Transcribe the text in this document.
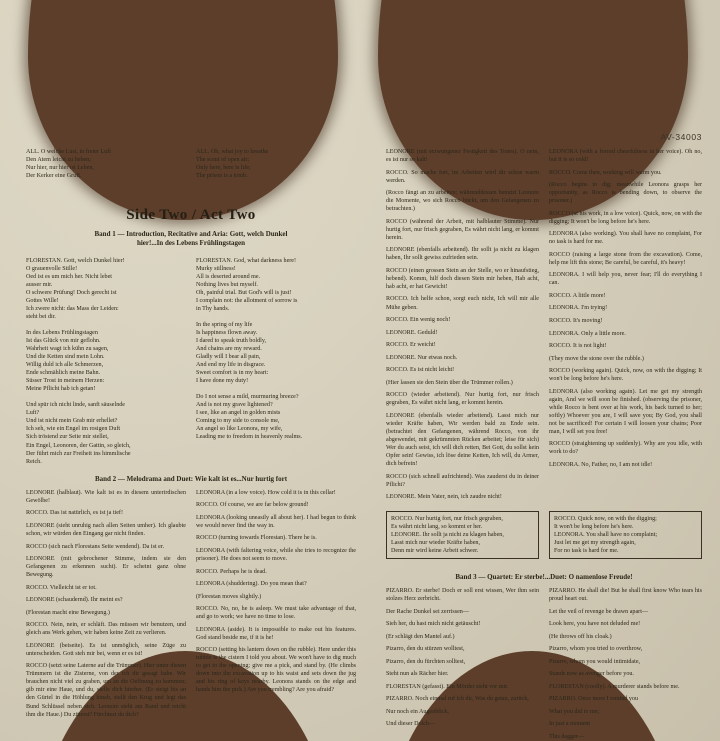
AV-34003
ALL. O welche Lust, in freier Luft
Den Atem leicht zu heben;
Nur hier, nur hier ist Leben,
Der Kerker eine Gruft.
ALL. Oh, what joy to breathe
The scent of open air;
Only here, here is life;
The prison is a tomb.
Side Two / Act Two
Band 1 — Introduction, Recitative and Aria: Gott, welch Dunkel
hier!...In des Lebens Frühlingstagen
FLORESTAN. Gott, welch Dunkel hier!
O grauenvolle Stille!
Oed ist es um mich her. Nicht lebet
ausser mir.
O schwere Prüfung! Doch gerecht ist
Gottes Wille!
Ich zwere nicht: das Mass der Leiden:
steht bei dir.

In des Lebens Frühlingstagen
Ist das Glück von mir geflohn.
Wahrheit wagt ich kühn zu sagen,
Und die Ketten sind mein Lohn.
Willig duld ich alle Schmerzen,
Ende schmählich meine Bahn.
Süsser Trost in meinem Herzen:
Meine Pflicht hab ich getan!

Und spür ich nicht linde, sanft säuselnde
Luft?
Und ist nicht mein Grab mir erhellet?
Ich seh, wie ein Engel im rosigen Duft
Sich tröstend zur Seite mir stellet,
Ein Engel, Leonoren, der Gattin, so gleich,
Der führt mich zur Freiheit ins himmlische
Reich.
FLORESTAN. God, what darkness here!
Murky stillness!
All is deserted around me.
Nothing lives but myself.
Oh, painful trial. But God's will is just!
I complain not: the allotment of sorrow is
in Thy hands.

In the spring of my life
Is happiness flown away.
I dared to speak truth boldly,
And chains are my reward.
Gladly will I bear all pain,
And end my life in disgrace.
Sweet comfort is in my heart:
I have done my duty!

Do I not sense a mild, murmuring breeze?
And is not my grave lightened?
I see, like an angel in golden mists
Coming to my side to console me,
An angel so like Leonora, my wife,
Leading me to freedom in heavenly realms.
Band 2 — Melodrama and Duet: Wie kalt ist es...Nur hurtig fort

LEONORE (halblaut). Wie kalt ist es in diesem unterirdischen Gewölbe!

ROCCO. Das ist natürlich, es ist ja tief!

LEONORE (sieht unruhig nach allen Seiten umher). Ich glaubte schon, wir würden den Eingang gar nicht finden.

ROCCO (sich nach Florestans Seite wendend). Da ist er.

LEONORE (mit gebrochener Stimme, indem sie den Gefangenen zu erkennen sucht). Er scheint ganz ohne Bewegung.

ROCCO. Vielleicht ist er tot.

LEONORE (schaudernd). Ihr meint es?

(Florestan macht eine Bewegung.)

ROCCO. Nein, nein, er schläft. Das müssen wir benutzen, und gleich ans Werk gehen, wir haben keine Zeit zu verlieren.

LEONORE (beiseite). Es ist unmöglich, seine Züge zu unterscheiden. Gott steh mir bei, wenn er es ist!

ROCCO (setzt seine Laterne auf die Trümmer). Hier unter diesen Trümmern ist die Zisterne, von der ich dir gesagt habe. Wir brauchen nicht viel zu graben, um an die Oeffnung zu kommen; gib mir eine Haue, und du, stelle dich hierher. (Er steigt bis an den Gürtel in die Höhlung hinab, stellt den Krug und legt das Bund Schlüssel neben sich. Leonore steht am Rand und reicht ihm die Haue.) Du zitterst? Fürchtest du dich?

LEONORA (in a low voice). How cold it is in this cellar!

ROCCO. Of course, we are far below ground!

LEONORA (looking uneasily all about her). I had begun to think we would never find the way in.

ROCCO (turning towards Florestan). There he is.

LEONORA (with faltering voice, while she tries to recognize the prisoner). He does not seem to move.

ROCCO. Perhaps he is dead.

LEONORA (shuddering). Do you mean that?

(Florestan moves slightly.)

ROCCO. No, no, he is asleep. We must take advantage of that, and go to work; we have no time to lose.

LEONORA (aside). It is impossible to make out his features. God stand beside me, if it is he!

ROCCO (setting his lantern down on the rubble). Here under this rubble is the cistern I told you about. We won't have to dig much to get to the opening; give me a pick, and stand by. (He climbs down into the excavation up to his waist and sets down the jug and his ring of keys nearby. Leonora stands on the edge and hands him the pick.) Are you trembling? Are you afraid?

LEONORE (mit erzwungener Festigkeit des Tones). O nein, es ist nur so kalt!

ROCCO. So mache fort, im Arbeiten wird dir schon warm werden.

(Rocco fängt an zu arbeiten; währenddessen benutzt Leonore die Momente, wo sich Rocco bückt, um den Gefangenen zu betrachten.)

ROCCO (während der Arbeit, mit halblauter Stimme). Nur hurtig fort, nur frisch gegraben, Es währt nicht lang, er kommt herein.

LEONORE (ebenfalls arbeitend). Ihr sollt ja nicht zu klagen haben, Ihr sollt gewiss zufrieden sein.

ROCCO (einen grossen Stein an der Stelle, wo er hinaufstieg, hebend). Komm, hilf doch diesen Stein mir heben, Hab acht, hab acht, er hat Gewicht!

ROCCO. Ich helfe schon, sorgt euch nicht, Ich will mir alle Mühe geben.

ROCCO. Ein wenig noch!

LEONORE. Geduld!

ROCCO. Er weicht!

LEONORE. Nur etwas noch.

ROCCO. Es ist nicht leicht!

(Hier lassen sie den Stein über die Trümmer rollen.)

ROCCO (wieder arbeitend). Nur hurtig fort, nur frisch gegraben, Es währt nicht lang, er kommt herein.

LEONORE (ebenfalls wieder arbeitend). Lasst mich nur wieder Kräfte haben, Wir werden bald zu Ende sein. (betrachtet den Gefangenen, während Rocco, von ihr abgewendet, mit gekrümmten Rücken arbeitet; leise für sich) Wer du auch seist, ich will dich retten, Bei Gott, du sollst kein Opfer sein! Gewiss, ich löse deine Ketten, Ich will, du Armer, dich befrein!

ROCCO (sich schnell aufrichtend). Was zauderst du in deiner Pflicht?

LEONORE. Mein Vater, nein, ich zaudre nicht!

LEONORA (with a forced cheerfulness in her voice). Oh no, but it is so cold!

ROCCO. Come then, working will warm you.

(Rocco begins to dig; meanwhile Leonora grasps her opportunity, as Rocco is bending down, to observe the prisoner.)

ROCCO (at his work, in a low voice). Quick, now, on with the digging; It won't be long before he's here.

LEONORA (also working). You shall have no complaint, For no task is hard for me.

ROCCO (raising a large stone from the excavation). Come, help me lift this stone; Be careful, be careful, it's heavy!

LEONORA. I will help you, never fear; I'll do everything I can.

ROCCO. A little more!

LEONORA. I'm trying!

ROCCO. It's moving!

LEONORA. Only a little more.

ROCCO. It is not light!

(They move the stone over the rubble.)

ROCCO (working again). Quick, now, on with the digging; It won't be long before he's here.

LEONORA (also working again). Let me get my strength again, And we will soon be finished. (observing the prisoner, while Rocco is bent over at his work, his back turned to her; softly) Whoever you are, I will save you; By God, you shall not be sacrificed! For certain I will loosen your chains; Poor man, I will set you free!

ROCCO (straightening up suddenly). Why are you idle, with work to do?

LEONORA. No, Father, no, I am not idle!

ROCCO. Nur hurtig fort, nur frisch gegraben,
Es währt nicht lang, so kommt er her.
LEONORE. Ihr sollt ja nicht zu klagen haben,
Lasst mich nur wieder Kräfte haben,
Denn mir wird keine Arbeit schwer.
ROCCO. Quick now, on with the digging;
It won't be long before he's here.
LEONORA. You shall have no complaint;
Just let me get my strength again,
For no task is hard for me.
Band 3 — Quartet: Er sterbe!...Duet: O namenlose Freude!

PIZARRO. Er sterbe! Doch er soll erst wissen, Wer ihm sein stolzes Herz zerbricht.

Der Rache Dunkel sei zerrissen—

Sieh her, du hast mich nicht getäuscht!

(Er schlägt den Mantel auf.)

Pizarro, den du stürzen wolltest,

Pizarro, den du fürchten solltest,

Steht nun als Rächer hier.

FLORESTAN (gefasst). Ein Mörder steht vor mir.

PIZARRO. Noch einmal ruf ich dir, Was du getan, zurück,

Nur noch ein Augenblick,

Und dieser Dolch—

PIZARRO. He shall die! But he shall first know Who tears his proud heart out.

Let the veil of revenge be drawn apart—

Look here, you have not deluded me!

(He throws off his cloak.)

Pizarro, whom you tried to overthrow,

Pizarro, whom you would intimidate,

Stands now as avenger before you.

FLORESTAN (coolly). A murderer stands before me.

PIZARRO. Once more I remind you

What you did to me;

In just a moment

This dagger—
